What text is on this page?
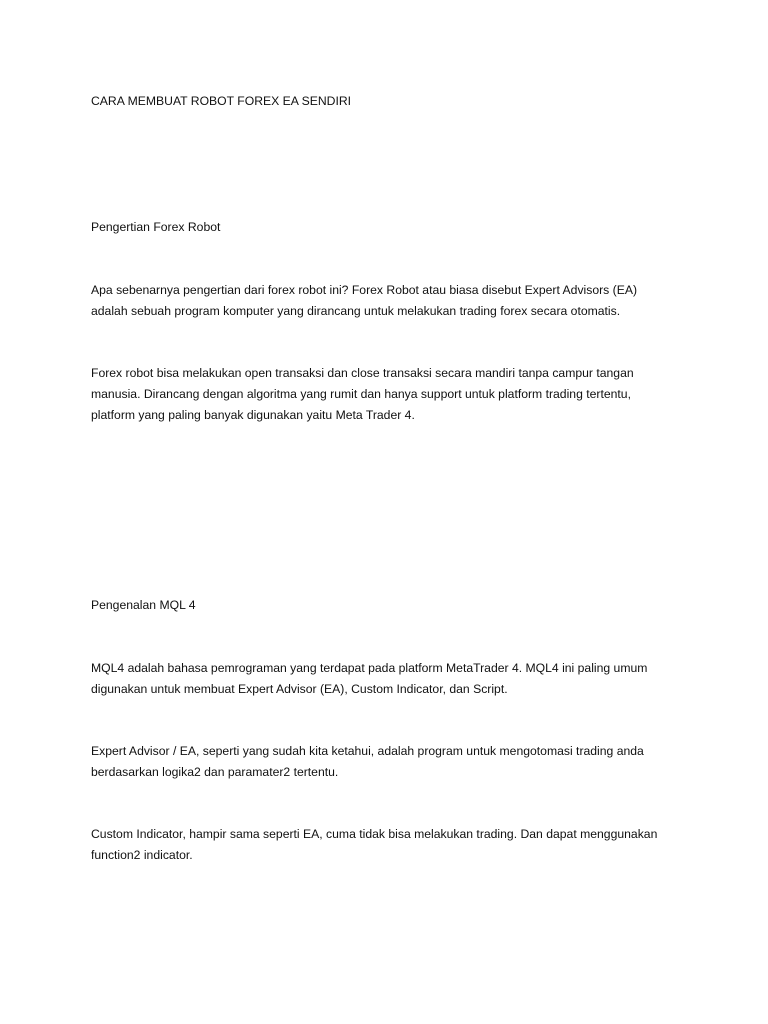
CARA MEMBUAT ROBOT FOREX EA SENDIRI
Pengertian Forex Robot
Apa sebenarnya pengertian dari forex robot ini? Forex Robot atau biasa disebut Expert Advisors (EA)
adalah sebuah program komputer yang dirancang untuk melakukan trading forex secara otomatis.
Forex robot bisa melakukan open transaksi dan close transaksi secara mandiri tanpa campur tangan
manusia. Dirancang dengan algoritma yang rumit dan hanya support untuk platform trading tertentu,
platform yang paling banyak digunakan yaitu Meta Trader 4.
Pengenalan MQL 4
MQL4 adalah bahasa pemrograman yang terdapat pada platform MetaTrader 4. MQL4 ini paling umum
digunakan untuk membuat Expert Advisor (EA), Custom Indicator, dan Script.
Expert Advisor / EA, seperti yang sudah kita ketahui, adalah program untuk mengotomasi trading anda
berdasarkan logika2 dan paramater2 tertentu.
Custom Indicator, hampir sama seperti EA, cuma tidak bisa melakukan trading. Dan dapat menggunakan
function2 indicator.
